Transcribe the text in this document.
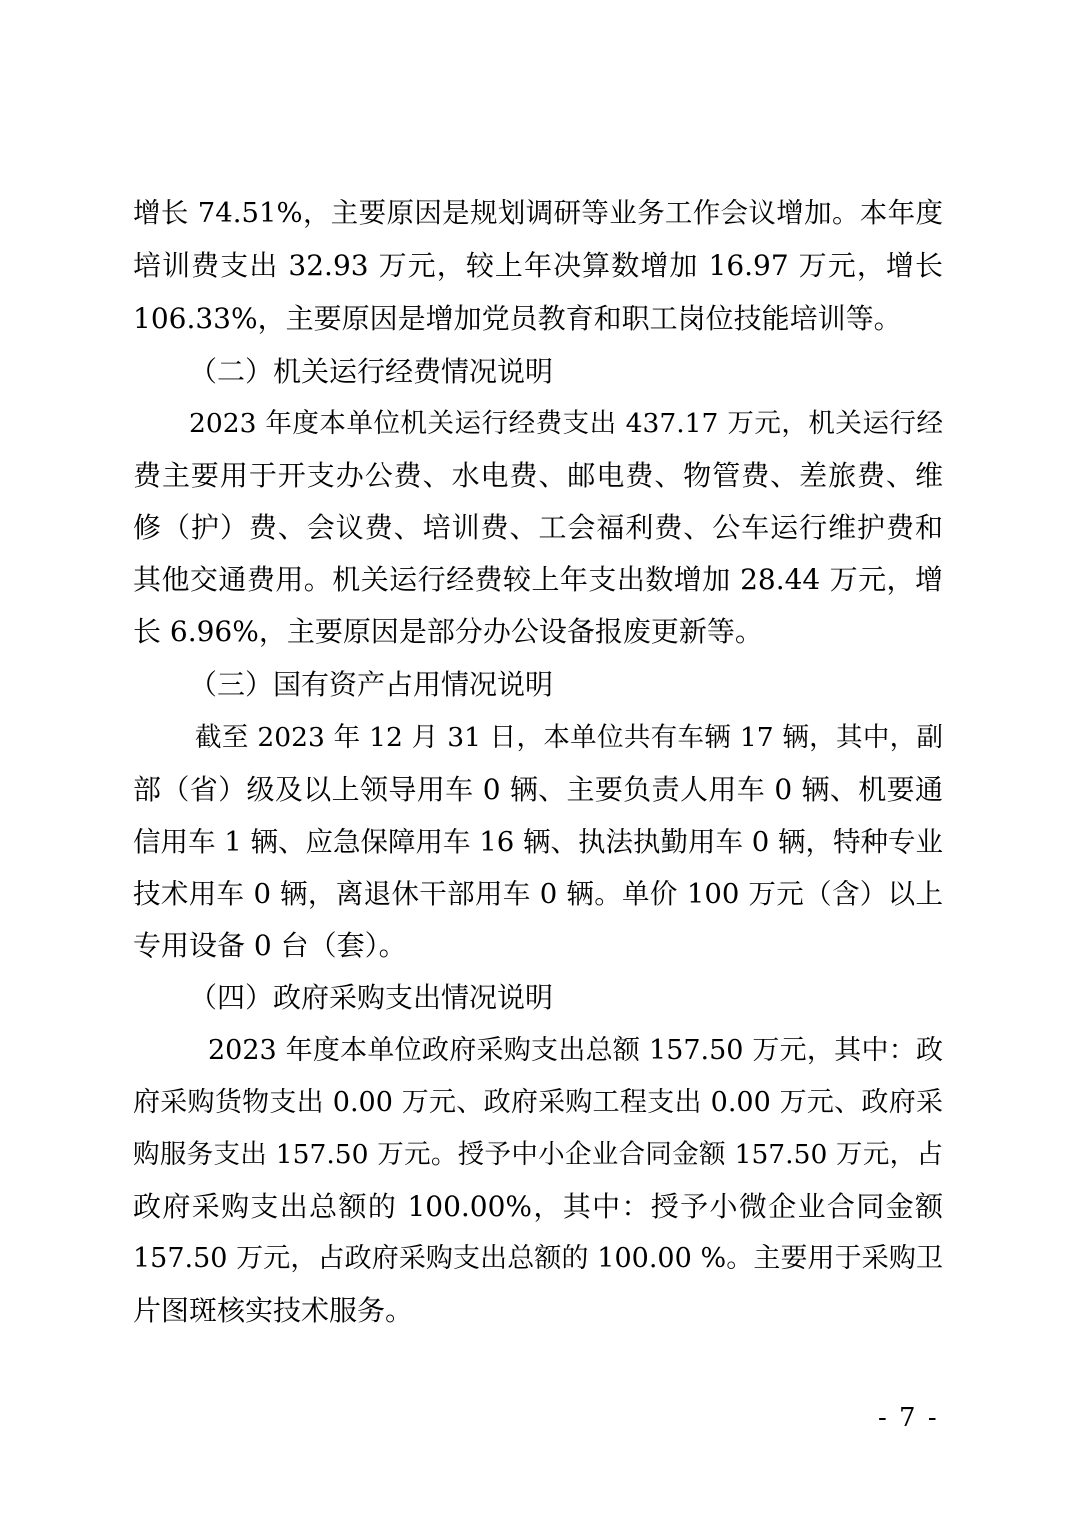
增长 74.51%，主要原因是规划调研等业务工作会议增加。本年度
培训费支出 32.93 万元，较上年决算数增加 16.97 万元，增长
106.33%，主要原因是增加党员教育和职工岗位技能培训等。
（二）机关运行经费情况说明
2023 年度本单位机关运行经费支出 437.17 万元，机关运行经
费主要用于开支办公费、水电费、邮电费、物管费、差旅费、维
修（护）费、会议费、培训费、工会福利费、公车运行维护费和
其他交通费用。机关运行经费较上年支出数增加 28.44 万元，增
长 6.96%，主要原因是部分办公设备报废更新等。
（三）国有资产占用情况说明
截至 2023 年 12 月 31 日，本单位共有车辆 17 辆，其中，副
部（省）级及以上领导用车 0 辆、主要负责人用车 0 辆、机要通
信用车 1 辆、应急保障用车 16 辆、执法执勤用车 0 辆，特种专业
技术用车 0 辆，离退休干部用车 0 辆。单价 100 万元（含）以上
专用设备 0 台（套）。
（四）政府采购支出情况说明
2023 年度本单位政府采购支出总额 157.50 万元，其中：政
府采购货物支出 0.00 万元、政府采购工程支出 0.00 万元、政府采
购服务支出 157.50 万元。授予中小企业合同金额 157.50 万元，占
政府采购支出总额的 100.00%，其中：授予小微企业合同金额
157.50 万元，占政府采购支出总额的 100.00 %。主要用于采购卫
片图斑核实技术服务。
- 7 -
